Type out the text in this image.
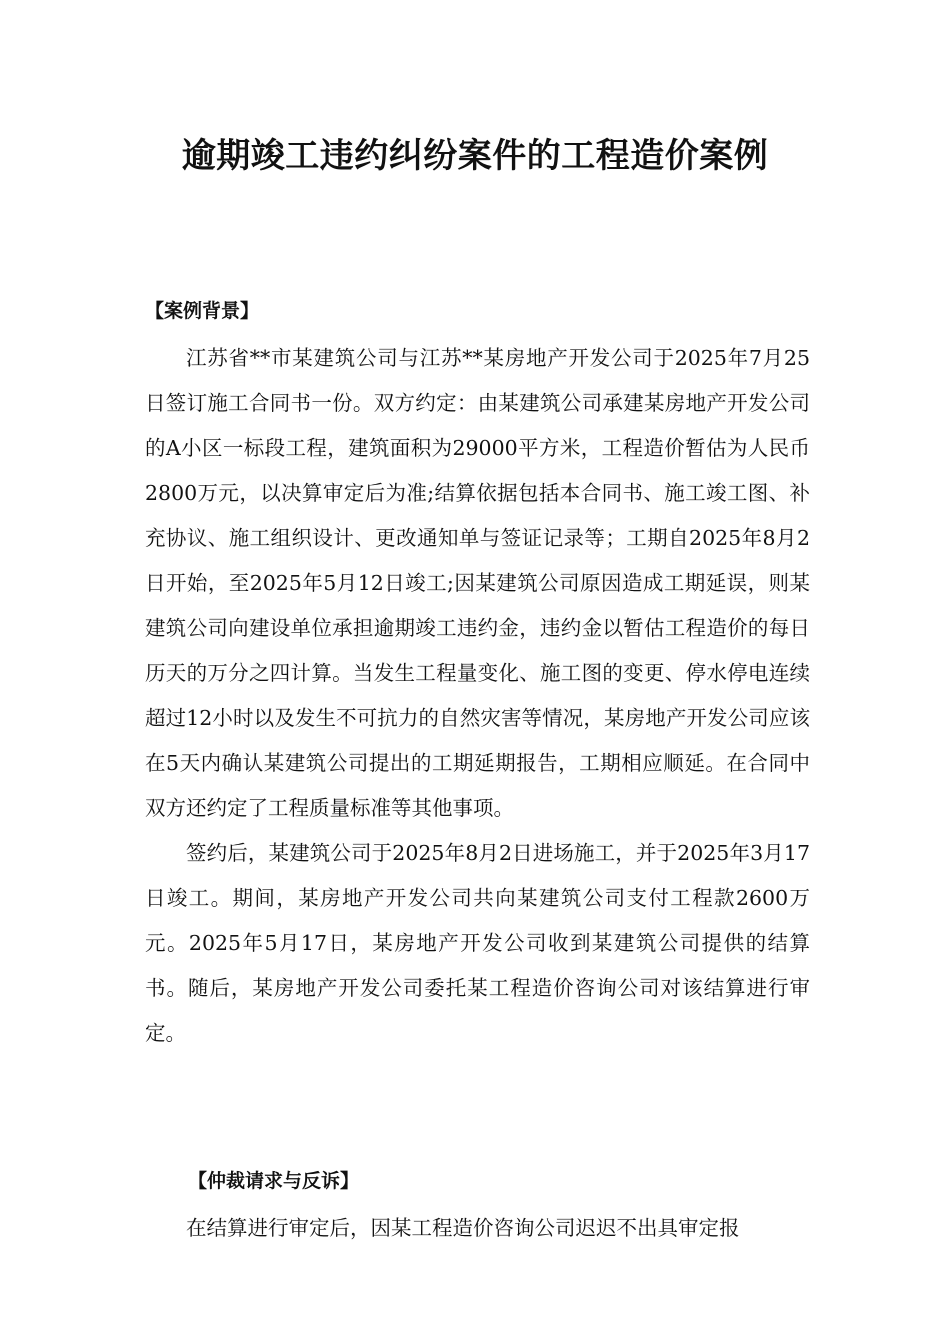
逾期竣工违约纠纷案件的工程造价案例
【案例背景】

江苏省**市某建筑公司与江苏**某房地产开发公司于2025年7月25日签订施工合同书一份。双方约定：由某建筑公司承建某房地产开发公司的A小区一标段工程，建筑面积为29000平方米，工程造价暂估为人民币2800万元，以决算审定后为准;结算依据包括本合同书、施工竣工图、补充协议、施工组织设计、更改通知单与签证记录等；工期自2025年8月2日开始，至2025年5月12日竣工;因某建筑公司原因造成工期延误，则某建筑公司向建设单位承担逾期竣工违约金，违约金以暂估工程造价的每日历天的万分之四计算。当发生工程量变化、施工图的变更、停水停电连续超过12小时以及发生不可抗力的自然灾害等情况，某房地产开发公司应该在5天内确认某建筑公司提出的工期延期报告，工期相应顺延。在合同中双方还约定了工程质量标准等其他事项。

签约后，某建筑公司于2025年8月2日进场施工，并于2025年3月17日竣工。期间，某房地产开发公司共向某建筑公司支付工程款2600万元。2025年5月17日，某房地产开发公司收到某建筑公司提供的结算书。随后，某房地产开发公司委托某工程造价咨询公司对该结算进行审定。

【仲裁请求与反诉】

在结算进行审定后，因某工程造价咨询公司迟迟不出具审定报
